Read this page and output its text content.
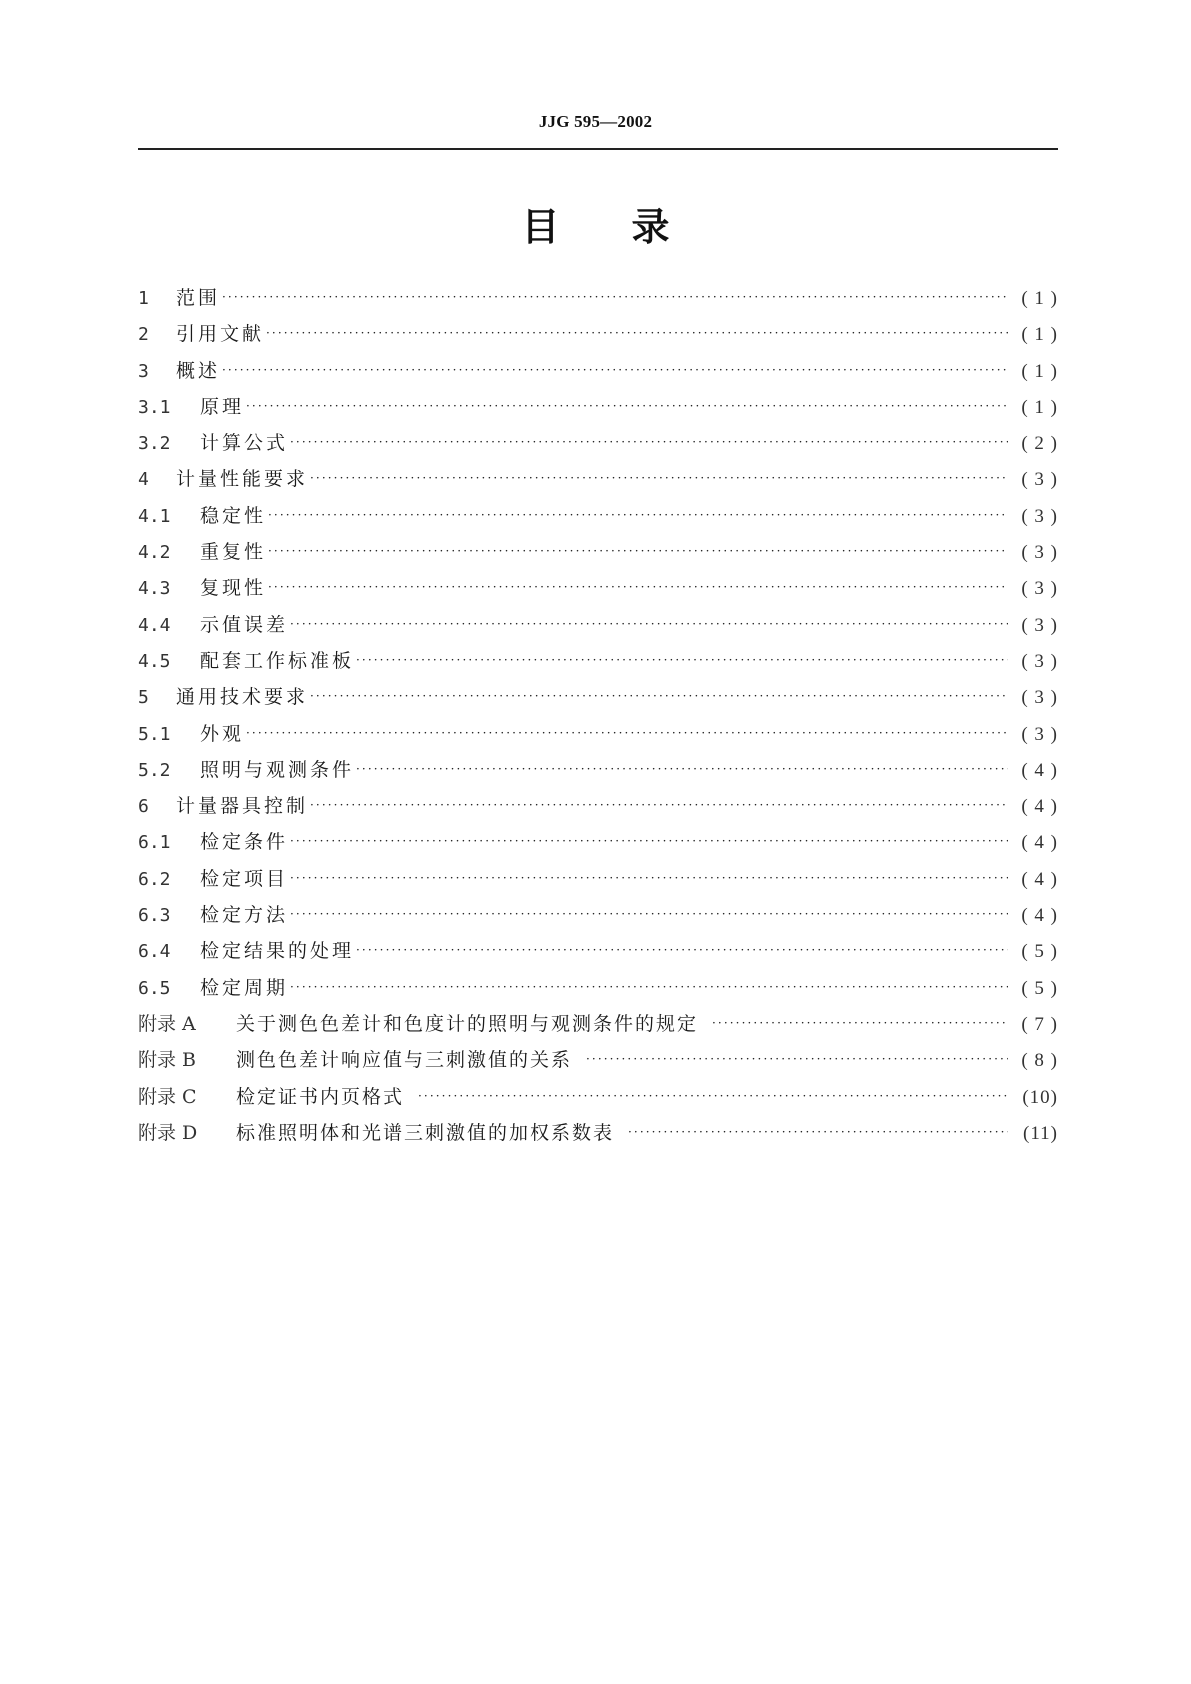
JJG 595—2002
目 录
1	范围 ·····	( 1 )
2	引用文献 ·····	( 1 )
3	概述 ·····	( 1 )
3.1	原理 ·····	( 1 )
3.2	计算公式 ·····	( 2 )
4	计量性能要求 ·····	( 3 )
4.1	稳定性 ·····	( 3 )
4.2	重复性 ·····	( 3 )
4.3	复现性 ·····	( 3 )
4.4	示值误差 ·····	( 3 )
4.5	配套工作标准板 ·····	( 3 )
5	通用技术要求 ·····	( 3 )
5.1	外观 ·····	( 3 )
5.2	照明与观测条件 ·····	( 4 )
6	计量器具控制 ·····	( 4 )
6.1	检定条件 ·····	( 4 )
6.2	检定项目 ·····	( 4 )
6.3	检定方法 ·····	( 4 )
6.4	检定结果的处理 ·····	( 5 )
6.5	检定周期 ·····	( 5 )
附录 A	关于测色色差计和色度计的照明与观测条件的规定 ·····	( 7 )
附录 B	测色色差计响应值与三刺激值的关系 ·····	( 8 )
附录 C	检定证书内页格式 ·····	(10)
附录 D	标准照明体和光谱三刺激值的加权系数表 ·····	(11)
